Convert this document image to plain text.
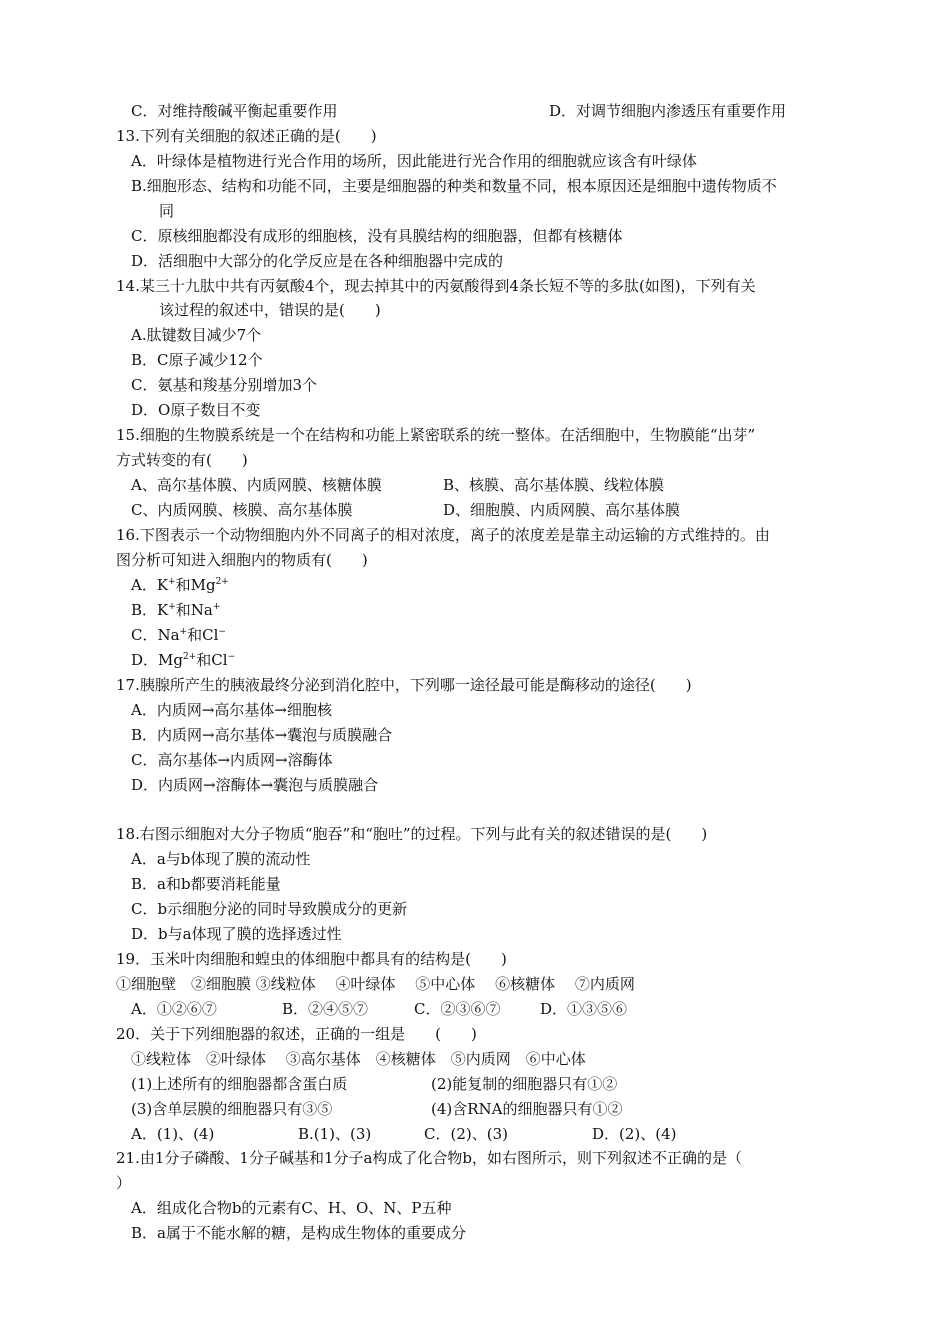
C．对维持酸碱平衡起重要作用	D．对调节细胞内渗透压有重要作用
13.下列有关细胞的叙述正确的是(　　)
A．叶绿体是植物进行光合作用的场所，因此能进行光合作用的细胞就应该含有叶绿体
B.细胞形态、结构和功能不同，主要是细胞器的种类和数量不同，根本原因还是细胞中遗传物质不
同
C．原核细胞都没有成形的细胞核，没有具膜结构的细胞器，但都有核糖体
D．活细胞中大部分的化学反应是在各种细胞器中完成的
14.某三十九肽中共有丙氨酸4个，现去掉其中的丙氨酸得到4条长短不等的多肽(如图)，下列有关
该过程的叙述中，错误的是(　　)
A.肽键数目减少7个
B．C原子减少12个
C．氨基和羧基分别增加3个
D．O原子数目不变
15.细胞的生物膜系统是一个在结构和功能上紧密联系的统一整体。在活细胞中，生物膜能“出芽”
方式转变的有(　　)
A、高尔基体膜、内质网膜、核糖体膜	B、核膜、高尔基体膜、线粒体膜
C、内质网膜、核膜、高尔基体膜	D、细胞膜、内质网膜、高尔基体膜
16.下图表示一个动物细胞内外不同离子的相对浓度，离子的浓度差是靠主动运输的方式维持的。由
图分析可知进入细胞内的物质有(　　)
A．K+和$Mg^{2+}$
B．K+和Na+
C．Na+和Cl−
D．$Mg^{2+}$和Cl−
17.胰腺所产生的胰液最终分泌到消化腔中，下列哪一途径最可能是酶移动的途径(　　)
A．内质网→高尔基体→细胞核
B．内质网→高尔基体→囊泡与质膜融合
C．高尔基体→内质网→溶酶体
D．内质网→溶酶体→囊泡与质膜融合
18.右图示细胞对大分子物质“胞吞”和“胞吐”的过程。下列与此有关的叙述错误的是(　　)
A．a与b体现了膜的流动性
B．a和b都要消耗能量
C．b示细胞分泌的同时导致膜成分的更新
D．b与a体现了膜的选择透过性
19．玉米叶肉细胞和蝗虫的体细胞中都具有的结构是(　　)
①细胞壁　②细胞膜 ③线粒体　 ④叶绿体　 ⑤中心体　 ⑥核糖体　 ⑦内质网
A．①②⑥⑦	B．②④⑤⑦	C．②③⑥⑦	D．①③⑤⑥
20．关于下列细胞器的叙述，正确的一组是　　(　　)
①线粒体　②叶绿体　 ③高尔基体　④核糖体　⑤内质网　⑥中心体
(1)上述所有的细胞器都含蛋白质	(2)能复制的细胞器只有①②
(3)含单层膜的细胞器只有③⑤	(4)含RNA的细胞器只有①②
A．(1)、(4)	B.(1)、(3)	C．(2)、(3)	D．(2)、(4)
21.由1分子磷酸、1分子碱基和1分子a构成了化合物b，如右图所示，则下列叙述不正确的是（
）
A．组成化合物b的元素有C、H、O、N、P五种
B．a属于不能水解的糖，是构成生物体的重要成分
